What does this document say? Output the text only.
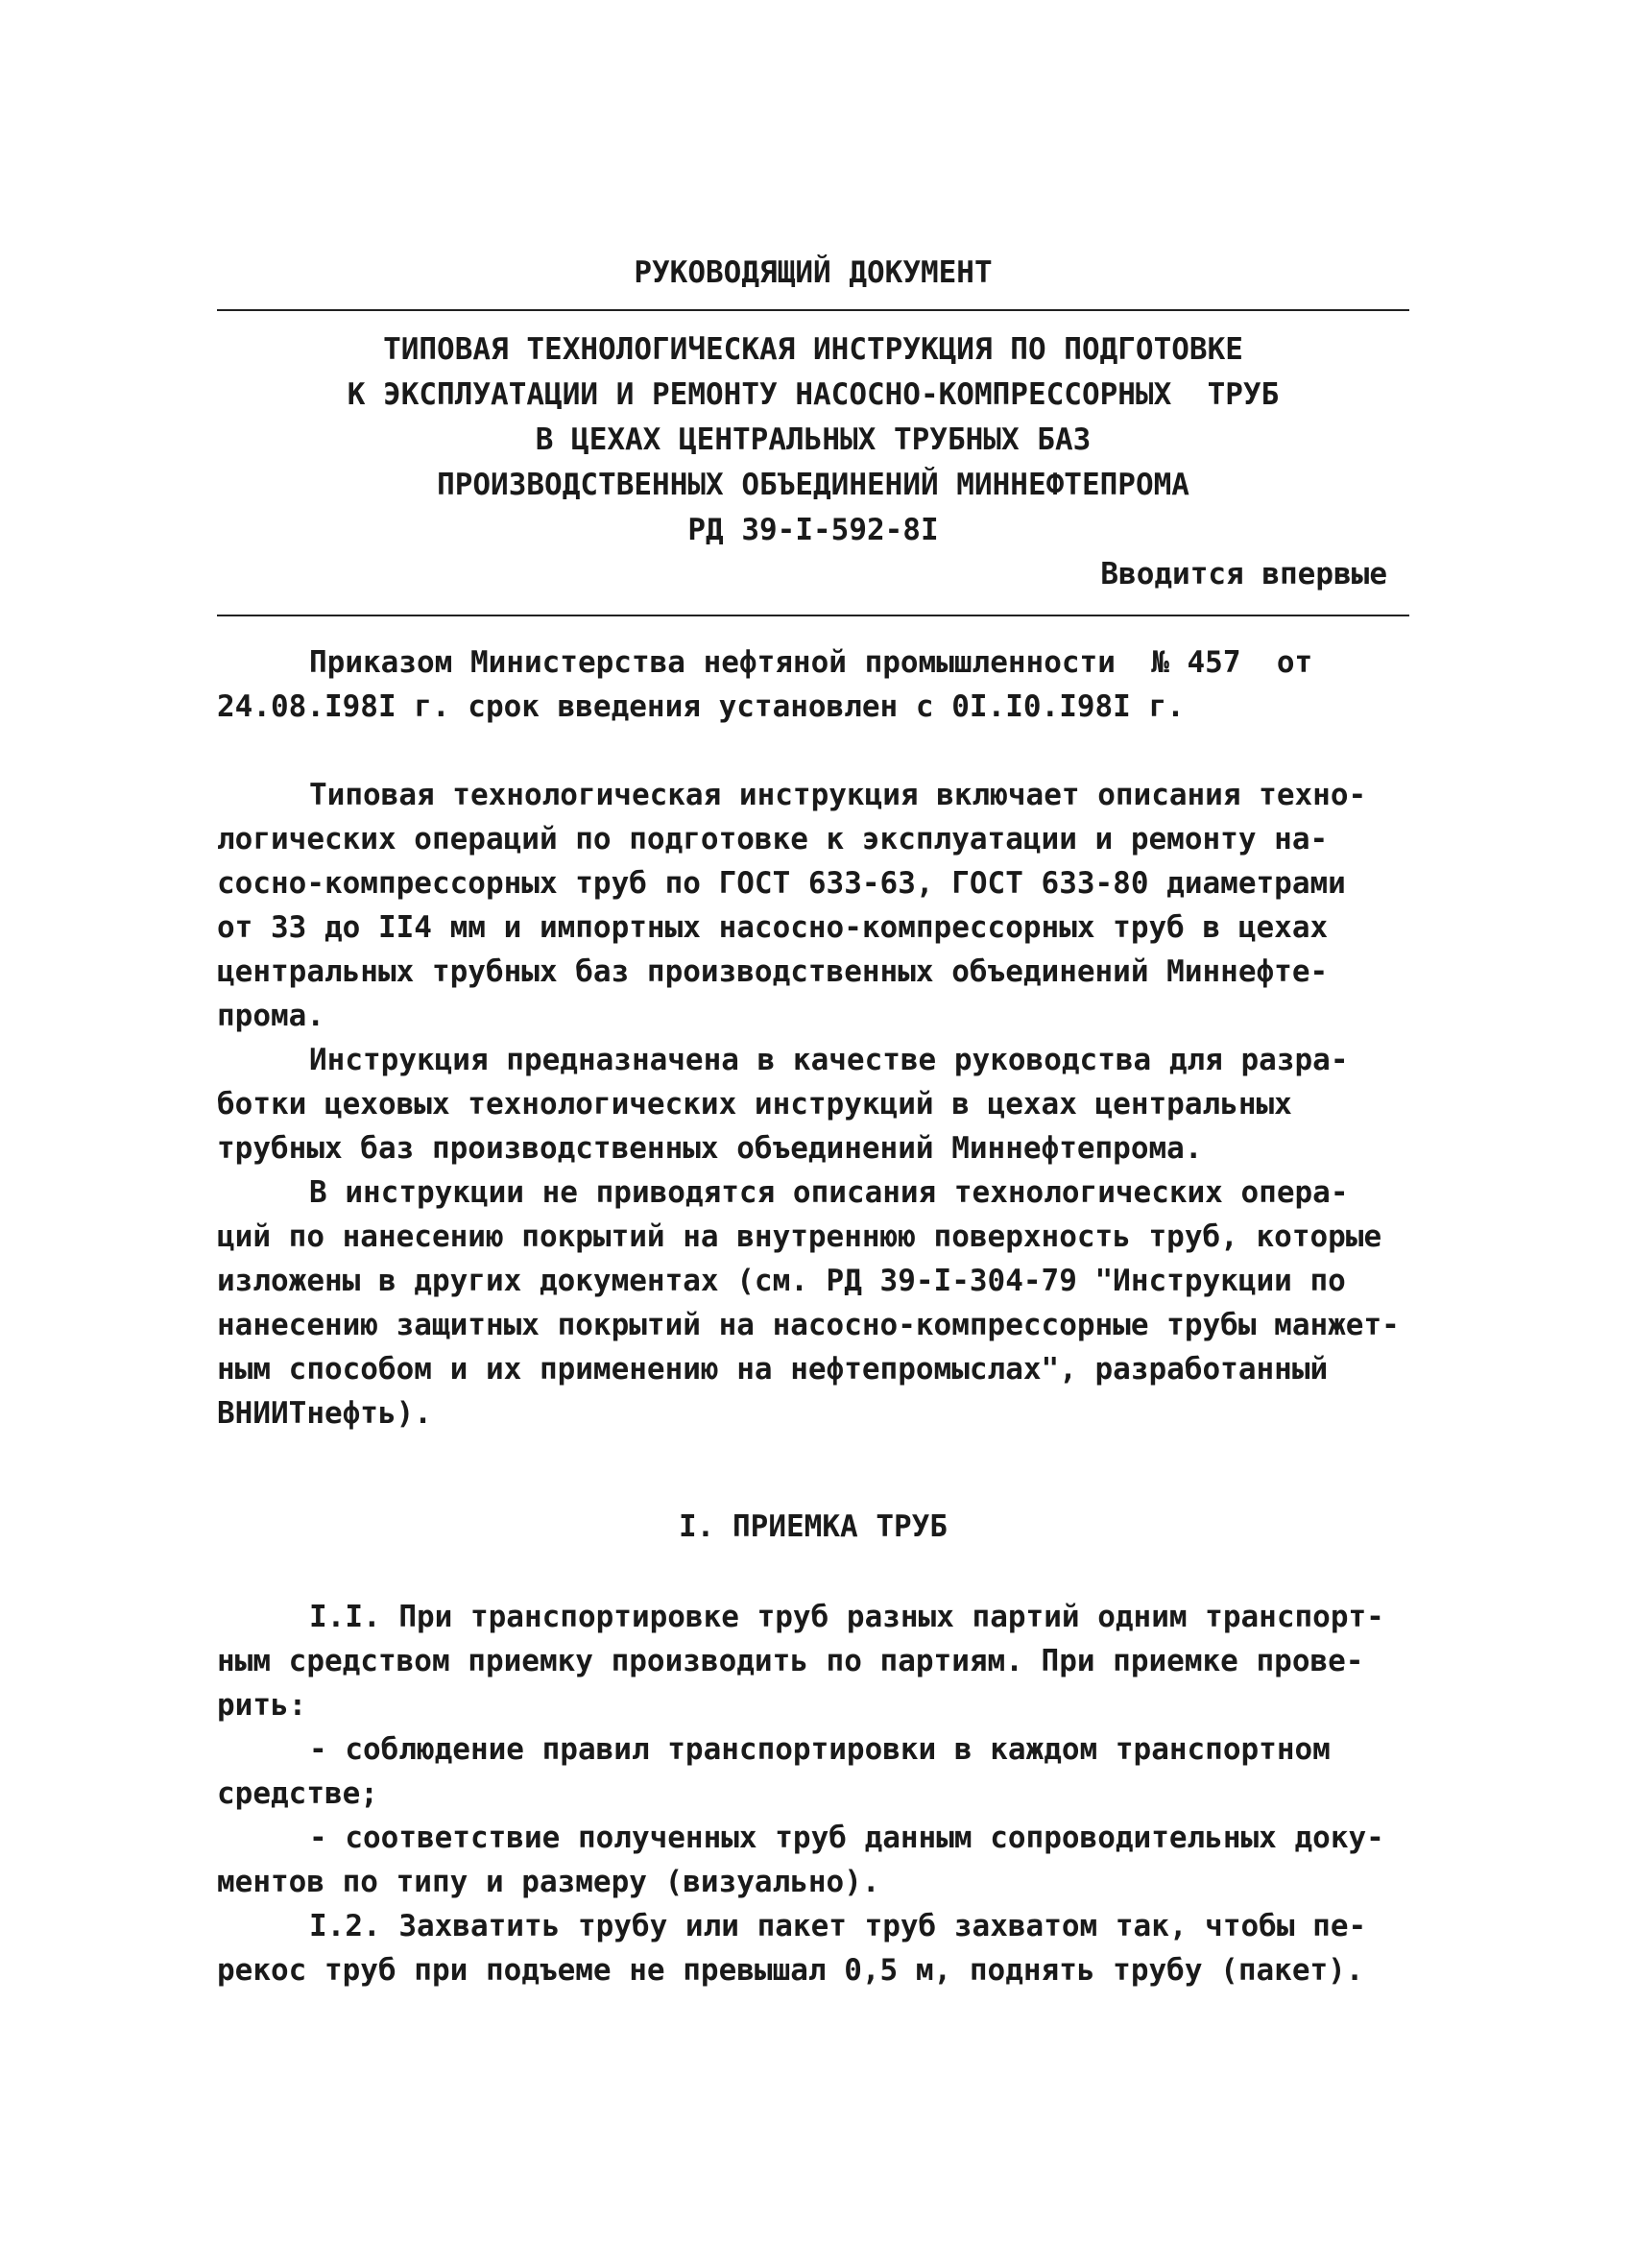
РУКОВОДЯЩИЙ ДОКУМЕНТ
ТИПОВАЯ ТЕХНОЛОГИЧЕСКАЯ ИНСТРУКЦИЯ ПО ПОДГОТОВКЕ
К ЭКСПЛУАТАЦИИ И РЕМОНТУ НАСОСНО-КОМПРЕССОРНЫХ  ТРУБ
В ЦЕХАХ ЦЕНТРАЛЬНЫХ ТРУБНЫХ БАЗ
ПРОИЗВОДСТВЕННЫХ ОБЪЕДИНЕНИЙ МИННЕФТЕПРОМА
РД 39-I-592-8I
Вводится впервые
Приказом Министерства нефтяной промышленности  № 457  от
24.08.I98I г. срок введения установлен с 0I.I0.I98I г.
Типовая технологическая инструкция включает описания техно-
логических операций по подготовке к эксплуатации и ремонту на-
сосно-компрессорных труб по ГОСТ 633-63, ГОСТ 633-80 диаметрами
от 33 до II4 мм и импортных насосно-компрессорных труб в цехах
центральных трубных баз производственных объединений Миннефте-
прома.
Инструкция предназначена в качестве руководства для разра-
ботки цеховых технологических инструкций в цехах центральных
трубных баз производственных объединений Миннефтепрома.
В инструкции не приводятся описания технологических опера-
ций по нанесению покрытий на внутреннюю поверхность труб, которые
изложены в других документах (см. РД 39-I-304-79 "Инструкции по
нанесению защитных покрытий на насосно-компрессорные трубы манжет-
ным способом и их применению на нефтепромыслах", разработанный
ВНИИТнефть).
I. ПРИЕМКА ТРУБ
I.I. При транспортировке труб разных партий одним транспорт-
ным средством приемку производить по партиям. При приемке прове-
рить:
- соблюдение правил транспортировки в каждом транспортном
средстве;
- соответствие полученных труб данным сопроводительных доку-
ментов по типу и размеру (визуально).
I.2. Захватить трубу или пакет труб захватом так, чтобы пе-
рекос труб при подъеме не превышал 0,5 м, поднять трубу (пакет).
